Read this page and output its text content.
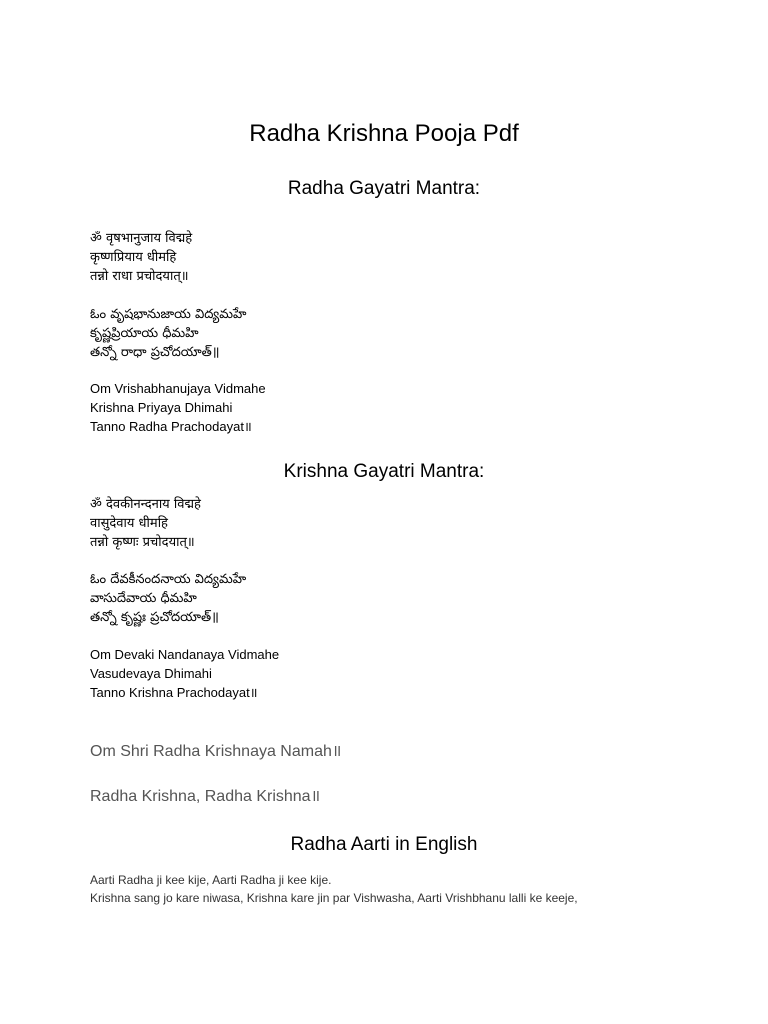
Radha Krishna Pooja Pdf
Radha Gayatri Mantra:
ॐ वृषभानुजाय विद्महे
कृष्णप्रियाय धीमहि
तन्नो राधा प्रचोदयात्॥
ఓం వృషభానుజాయ విద్యమహే
కృష్ణప్రియాయ ధీమహి
తన్నో రాధా ప్రచోదయాత్॥
Om Vrishabhanujaya Vidmahe
Krishna Priyaya Dhimahi
Tanno Radha Prachodayat॥
Krishna Gayatri Mantra:
ॐ देवकीनन्दनाय विद्महे
वासुदेवाय धीमहि
तन्नो कृष्णः प्रचोदयात्॥
ఓం దేవకీనందనాయ విద్యమహే
వాసుదేవాయ ధీమహి
తన్నో కృష్ణః ప్రచోదయాత్॥
Om Devaki Nandanaya Vidmahe
Vasudevaya Dhimahi
Tanno Krishna Prachodayat॥
Om Shri Radha Krishnaya Namah॥
Radha Krishna, Radha Krishna॥
Radha Aarti in English
Aarti Radha ji kee kije, Aarti Radha ji kee kije.
Krishna sang jo kare niwasa, Krishna kare jin par Vishwasha, Aarti Vrishbhanu lalli ke keeje,
